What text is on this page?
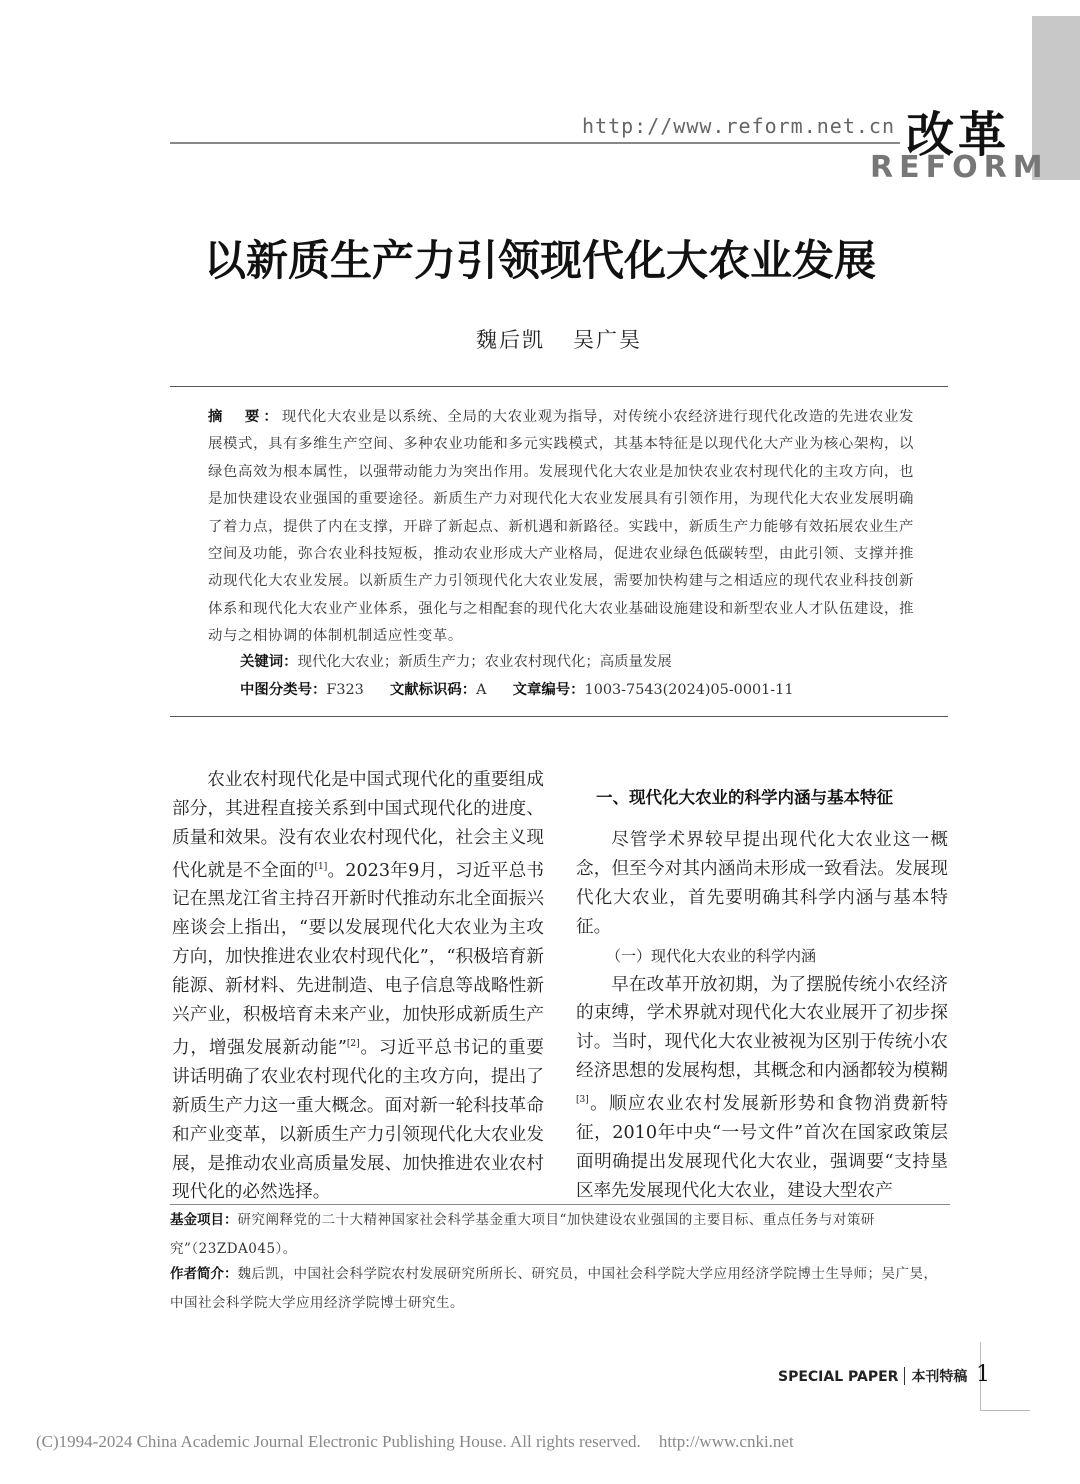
http://www.reform.net.cn 改革
REFORM
以新质生产力引领现代化大农业发展
魏后凯 吴广昊
摘　要：现代化大农业是以系统、全局的大农业观为指导，对传统小农经济进行现代化改造的先进农业发展模式，具有多维生产空间、多种农业功能和多元实践模式，其基本特征是以现代化大产业为核心架构，以绿色高效为根本属性，以强带动能力为突出作用。发展现代化大农业是加快农业农村现代化的主攻方向，也是加快建设农业强国的重要途径。新质生产力对现代化大农业发展具有引领作用，为现代化大农业发展明确了着力点，提供了内在支撑，开辟了新起点、新机遇和新路径。实践中，新质生产力能够有效拓展农业生产空间及功能，弥合农业科技短板，推动农业形成大产业格局，促进农业绿色低碳转型，由此引领、支撑并推动现代化大农业发展。以新质生产力引领现代化大农业发展，需要加快构建与之相适应的现代农业科技创新体系和现代化大农业产业体系，强化与之相配套的现代化大农业基础设施建设和新型农业人才队伍建设，推动与之相协调的体制机制适应性变革。
关键词：现代化大农业；新质生产力；农业农村现代化；高质量发展
中图分类号：F323 文献标识码：A 文章编号：1003-7543(2024)05-0001-11

农业农村现代化是中国式现代化的重要组成部分，其进程直接关系到中国式现代化的进度、质量和效果。没有农业农村现代化，社会主义现代化就是不全面的[1]。2023年9月，习近平总书记在黑龙江省主持召开新时代推动东北全面振兴座谈会上指出，“要以发展现代化大农业为主攻方向，加快推进农业农村现代化”，“积极培育新能源、新材料、先进制造、电子信息等战略性新兴产业，积极培育未来产业，加快形成新质生产力，增强发展新动能”[2]。习近平总书记的重要讲话明确了农业农村现代化的主攻方向，提出了新质生产力这一重大概念。面对新一轮科技革命和产业变革，以新质生产力引领现代化大农业发展，是推动农业高质量发展、加快推进农业农村现代化的必然选择。

一、现代化大农业的科学内涵与基本特征

尽管学术界较早提出现代化大农业这一概念，但至今对其内涵尚未形成一致看法。发展现代化大农业，首先要明确其科学内涵与基本特征。

（一）现代化大农业的科学内涵

早在改革开放初期，为了摆脱传统小农经济的束缚，学术界就对现代化大农业展开了初步探讨。当时，现代化大农业被视为区别于传统小农经济思想的发展构想，其概念和内涵都较为模糊[3]。顺应农业农村发展新形势和食物消费新特征，2010年中央“一号文件”首次在国家政策层面明确提出发展现代化大农业，强调要“支持垦区率先发展现代化大农业，建设大型农产

基金项目：研究阐释党的二十大精神国家社会科学基金重大项目“加快建设农业强国的主要目标、重点任务与对策研究”（23ZDA045）。
作者简介：魏后凯，中国社会科学院农村发展研究所所长、研究员，中国社会科学院大学应用经济学院博士生导师；吴广昊，中国社会科学院大学应用经济学院博士研究生。
SPECIAL PAPER 本刊特稿 1
(C)1994-2024 China Academic Journal Electronic Publishing House. All rights reserved. http://www.cnki.net
